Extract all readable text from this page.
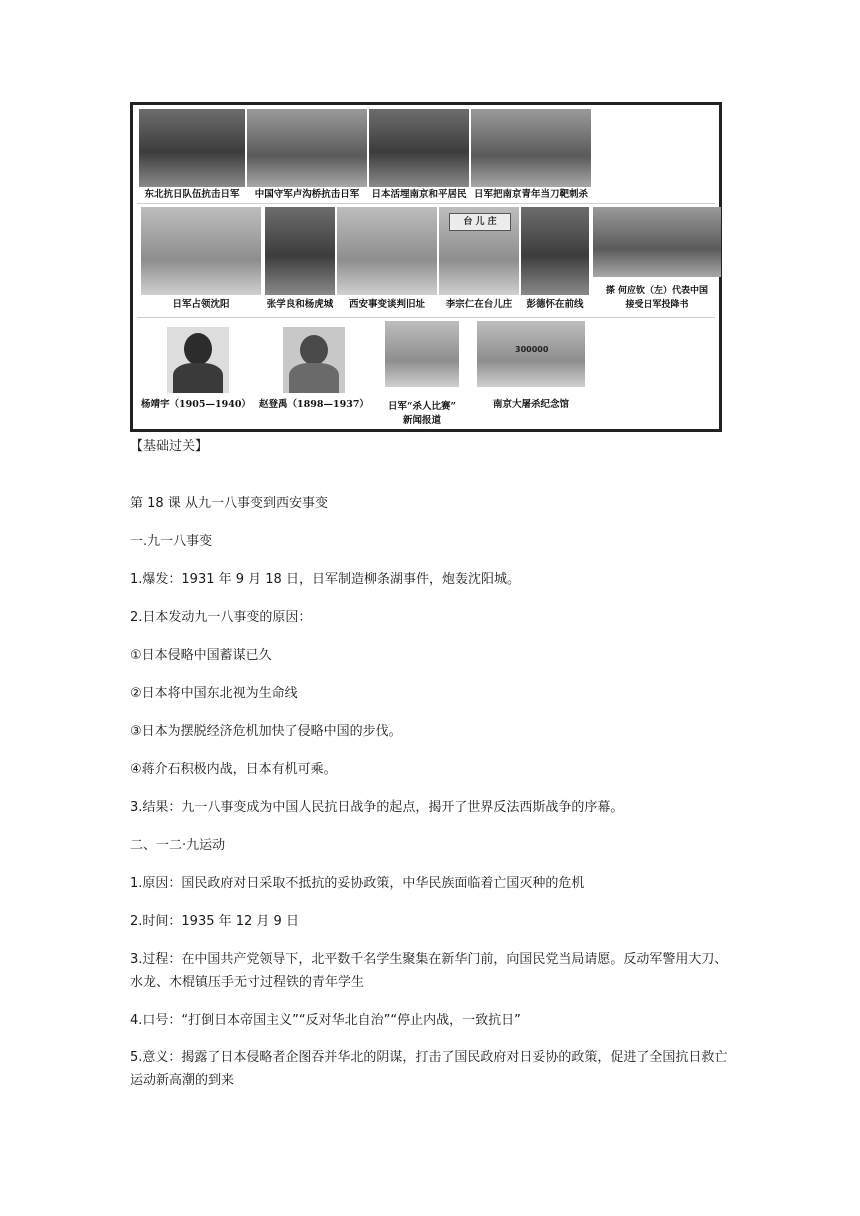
东北抗日队伍抗击日军	中国守军卢沟桥抗击日军	日本活埋南京和平居民 日军把南京青年当刀靶刺杀
日军占领沈阳	张学良和杨虎城	西安事变谈判旧址
台 儿 庄
李宗仁在台儿庄	彭德怀在前线
搽 何应钦（左）代表中国
接受日军投降书
杨靖宇（1905—1940） 赵登禹（1898—1937）	日军“杀人比赛”
新闻报道
300000
南京大屠杀纪念馆
【基础过关】
第 18 课 从九一八事变到西安事变
一.九一八事变
1.爆发：1931 年 9 月 18 日，日军制造柳条湖事件，炮轰沈阳城。
2.日本发动九一八事变的原因：
①日本侵略中国蓄谋已久
②日本将中国东北视为生命线
③日本为摆脱经济危机加快了侵略中国的步伐。
④蒋介石积极内战，日本有机可乘。
3.结果：九一八事变成为中国人民抗日战争的起点，揭开了世界反法西斯战争的序幕。
二、一二·九运动
1.原因：国民政府对日采取不抵抗的妥协政策，中华民族面临着亡国灭种的危机
2.时间：1935 年 12 月 9 日
3.过程：在中国共产党领导下，北平数千名学生聚集在新华门前，向国民党当局请愿。反动军警用大刀、水龙、木棍镇压手无寸过程铁的青年学生
4.口号：“打倒日本帝国主义”“反对华北自治”“停止内战，一致抗日”
5.意义：揭露了日本侵略者企图吞并华北的阴谋，打击了国民政府对日妥协的政策，促进了全国抗日救亡运动新高潮的到来
